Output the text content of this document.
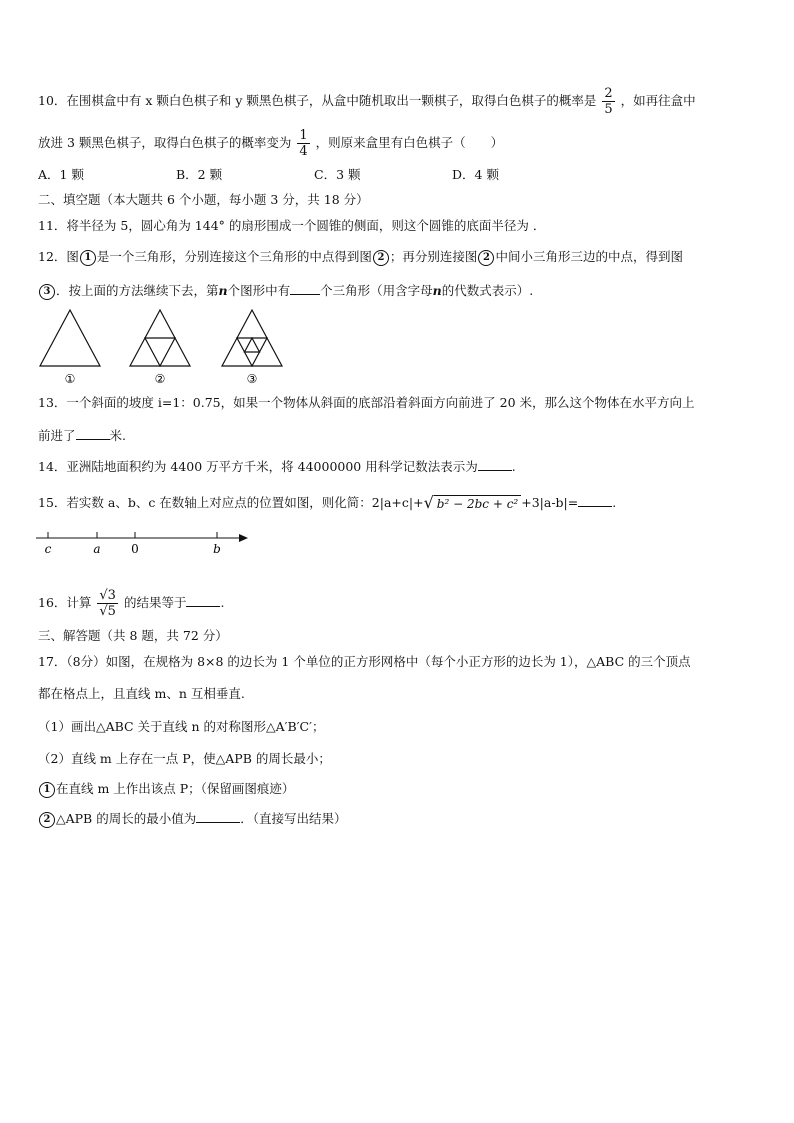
10．在围棋盒中有 x 颗白色棋子和 y 颗黑色棋子，从盒中随机取出一颗棋子，取得白色棋子的概率是 $\frac{2}{5}$ ，如再往盒中
放进 3 颗黑色棋子，取得白色棋子的概率变为 $\frac{1}{4}$ ，则原来盒里有白色棋子（　　）
A．1 颗	B．2 颗	C．3 颗	D．4 颗
二、填空题（本大题共 6 个小题，每小题 3 分，共 18 分）
11．将半径为 5，圆心角为 144° 的扇形围成一个圆锥的侧面，则这个圆锥的底面半径为 ．
12．图 1 是一个三角形，分别连接这个三角形的中点得到图 2 ；再分别连接图 2 中间小三角形三边的中点，得到图
3 ．按上面的方法继续下去，第n个图形中有 个三角形（用含字母n的代数式表示）.
①	②	③
13．一个斜面的坡度 i=1：0.75，如果一个物体从斜面的底部沿着斜面方向前进了 20 米，那么这个物体在水平方向上
前进了	米.
14．亚洲陆地面积约为 4400 万平方千米，将 44000000 用科学记数法表示为	.
15．若实数 a、b、c 在数轴上对应点的位置如图，则化简：2|a+c|+√ b² − 2bc + c² +3|a-b|=	.
c	a	0	b
16．计算 $\frac{√3}{√5}$ 的结果等于	.
三、解答题（共 8 题，共 72 分）
17．（8分）如图，在规格为 8×8 的边长为 1 个单位的正方形网格中（每个小正方形的边长为 1），△ABC 的三个顶点
都在格点上，且直线 m、n 互相垂直.
（1）画出△ABC 关于直线 n 的对称图形△A′B′C′；
（2）直线 m 上存在一点 P，使△APB 的周长最小；
1 在直线 m 上作出该点 P；（保留画图痕迹）
2 △APB 的周长的最小值为	．（直接写出结果）
